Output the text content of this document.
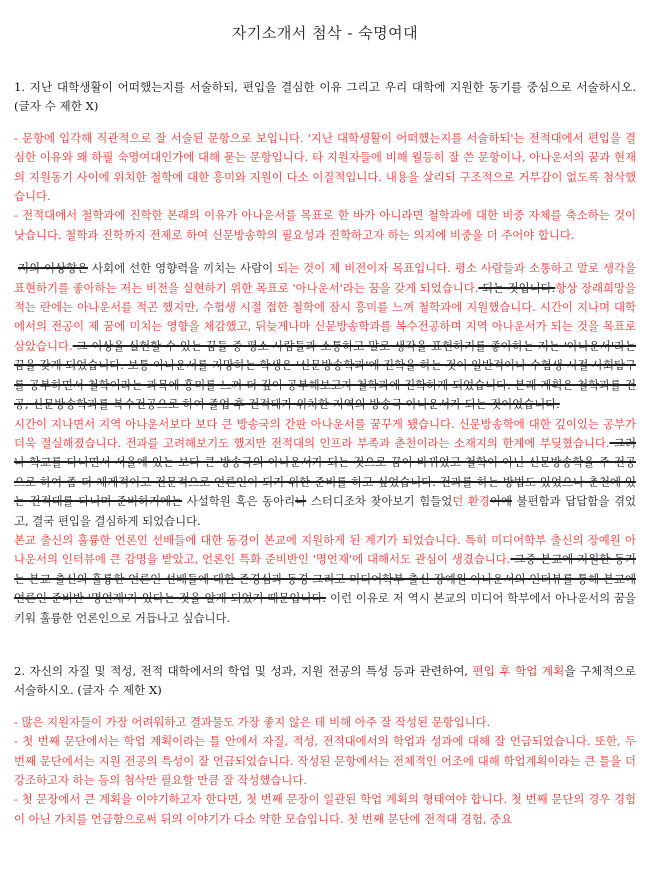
자기소개서 첨삭 - 숙명여대
1. 지난 대학생활이 어떠했는지를 서술하되, 편입을 결심한 이유 그리고 우리 대학에 지원한 동기를 중심으로 서술하시오. (글자 수 제한 X)

- 문항에 입각해 직관적으로 잘 서술된 문항으로 보입니다. '지난 대학생활이 어떠했는지를 서술하되'는 전적대에서 편입을 결심한 이유와 왜 하필 숙명여대인가에 대해 묻는 문항입니다. 타 지원자들에 비해 월등히 잘 쓴 문항이나, 아나운서의 꿈과 현재의 지원동기 사이에 위치한 철학에 대한 흥미와 지원이 다소 이질적입니다. 내용을 살리되 구조적으로 거부감이 없도록 첨삭했습니다.

- 전적대에서 철학과에 진학한 본래의 이유가 아나운서를 목표로 한 바가 아니라면 철학과에 대한 비중 자체를 축소하는 것이 낫습니다. 철학과 진학까지 전제로 하여 신문방송학의 필요성과 진학하고자 하는 의지에 비중을 더 주어야 합니다.

저의 이상향은 사회에 선한 영향력을 끼치는 사람이 되는 것이 제 비전이자 목표입니다. 평소 사람들과 소통하고 말로 생각을 표현하기를 좋아하는 저는 비전을 실현하기 위한 목표로 '아나운서'라는 꿈을 갖게 되었습니다. 되는 것입니다.항상 장래희망을 적는 란에는 아나운서를 적곤 했지만, 수험생 시절 접한 철학에 잠시 흥미를 느껴 철학과에 지원했습니다. 시간이 지나며 대학에서의 전공이 제 꿈에 미치는 영향을 체감했고, 뒤늦게나마 신문방송학과를 복수전공하며 지역 아나운서가 되는 것을 목표로 삼았습니다. 그 이상을 실현할 수 있는 꿈들 중 평소 사람들과 소통하고 말로 생각을 표현하기를 좋아하는 저는 '아나운서'라는 꿈을 갖게 되었습니다. 보통 아나운서를 지망하는 학생은 '신문방송학과'에 진학을 하는 것이 일반적이나 수험생 시절 사회탐구를 공부하면서 철학이라는 과목에 흥미를 느껴 더 깊이 공부해보고자 철학과에 진학하게 되었습니다. 본래 계획은 철학과를 전공, 신문방송학과를 복수전공으로 하여 졸업 후 전적대가 위치한 지역의 방송국 아나운서가 되는 것이었습니다.

시간이 지나면서 지역 아나운서보다 보다 큰 방송국의 간판 아나운서를 꿈꾸게 됐습니다. 신문방송학에 대한 깊이있는 공부가 더욱 절실해졌습니다. 전과를 고려해보기도 했지만 전적대의 인프라 부족과 춘천이라는 소재지의 한계에 부딪혔습니다. 그러나 학교를 다니면서 서울에 있는 보다 큰 방송국의 아나운서가 되는 것으로 꿈이 바뀌었고 철학이 아닌 신문방송학을 주 전공으로 하여 좀 더 체계적이고 전문적으로 언론인이 되기 위한 준비를 하고 싶었습니다. 전과를 하는 방법도 있었으나 춘천에 있는 전적대를 다니며 준비하기에는 사설학원 혹은 동아리나 스터디조차 찾아보기 힘들었던 환경이에 불편함과 답답함을 겪었고, 결국 편입을 결심하게 되었습니다.

본교 출신의 훌륭한 언론인 선배들에 대한 동경이 본교에 지원하게 된 계기가 되었습니다. 특히 미디어학부 출신의 장예원 아나운서의 인터뷰에 큰 감명을 받았고, 언론인 특화 준비반인 '명언재'에 대해서도 관심이 생겼습니다. 그중 본교에 지원한 동기는 본교 출신의 훌륭한 언론인 선배들에 대한 존경심과 동경 그리고 미디어학부 출신 장예원 아나운서의 인터뷰를 통해 본교에 언론인 준비반 '명언재'가 있다는 것을 알게 되었기 때문입니다. 이런 이유로 저 역시 본교의 미디어 학부에서 아나운서의 꿈을 키워 훌륭한 언론인으로 거듭나고 싶습니다.

2. 자신의 자질 및 적성, 전적 대학에서의 학업 및 성과, 지원 전공의 특성 등과 관련하여, 편입 후 학업 계획을 구체적으로 서술하시오. (글자 수 제한 X)

- 많은 지원자들이 가장 어려워하고 결과물도 가장 좋지 않은 데 비해 아주 잘 작성된 문항입니다.

- 첫 번째 문단에서는 학업 계획이라는 틀 안에서 자질, 적성, 전적대에서의 학업과 성과에 대해 잘 언급되었습니다. 또한, 두 번째 문단에서는 지원 전공의 특성이 잘 언급되었습니다. 작성된 문항에서는 전체적인 어조에 대해 학업계획이라는 큰 틀을 더 강조하고자 하는 등의 첨삭만 필요할 만큼 잘 작성했습니다.

- 첫 문장에서 큰 계획을 이야기하고자 한다면, 첫 번째 문장이 일관된 학업 계획의 형태여야 합니다. 첫 번째 문단의 경우 경험이 아닌 가치를 언급함으로써 뒤의 이야기가 다소 약한 모습입니다. 첫 번째 문단에 전적대 경험, 중요
